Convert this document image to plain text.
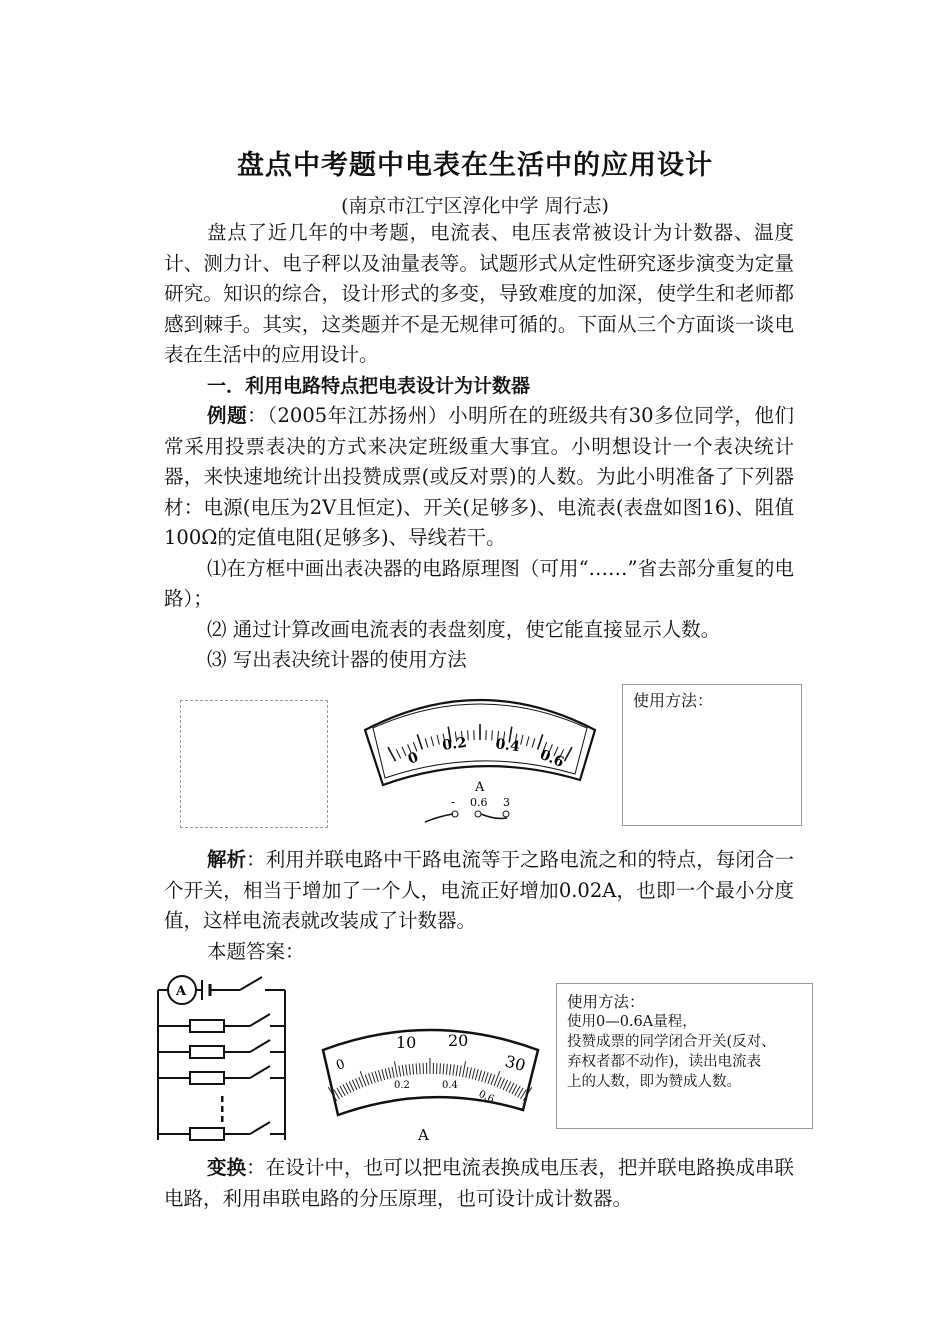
盘点中考题中电表在生活中的应用设计
(南京市江宁区淳化中学 周行志)

盘点了近几年的中考题，电流表、电压表常被设计为计数器、温度计、测力计、电子秤以及油量表等。试题形式从定性研究逐步演变为定量研究。知识的综合，设计形式的多变，导致难度的加深，使学生和老师都感到棘手。其实，这类题并不是无规律可循的。下面从三个方面谈一谈电表在生活中的应用设计。

一．利用电路特点把电表设计为计数器

例题：（2005年江苏扬州）小明所在的班级共有30多位同学，他们常采用投票表决的方式来决定班级重大事宜。小明想设计一个表决统计器，来快速地统计出投赞成票(或反对票)的人数。为此小明准备了下列器材：电源(电压为2V且恒定)、开关(足够多)、电流表(表盘如图16)、阻值100Ω的定值电阻(足够多)、导线若干。

⑴在方框中画出表决器的电路原理图（可用“……”省去部分重复的电路）；

⑵ 通过计算改画电流表的表盘刻度，使它能直接显示人数。

⑶ 写出表决统计器的使用方法

0
0.2 0.4
0.6
A
- 0.6 3
使用方法：

解析：利用并联电路中干路电流等于之路电流之和的特点，每闭合一个开关，相当于增加了一个人，电流正好增加0.02A，也即一个最小分度值，这样电流表就改装成了计数器。

本题答案：

A
0
10 20
30
0.2	0.4
0.6
A
使用方法：
使用0—0.6A量程，
投赞成票的同学闭合开关(反对、
弃权者都不动作)，读出电流表
上的人数，即为赞成人数。

变换：在设计中，也可以把电流表换成电压表，把并联电路换成串联电路，利用串联电路的分压原理，也可设计成计数器。
